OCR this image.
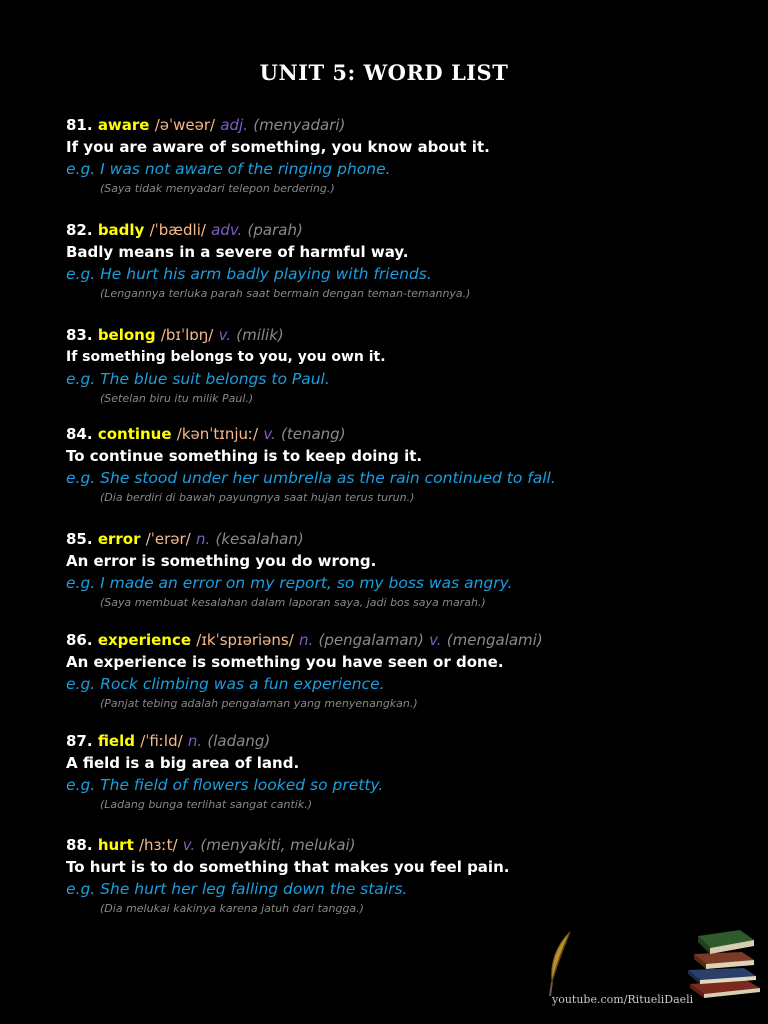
UNIT 5: WORD LIST
81. aware /əˈweər/ adj. (menyadari)
If you are aware of something, you know about it.
e.g. I was not aware of the ringing phone.
(Saya tidak menyadari telepon berdering.)
82. badly /ˈbædli/ adv. (parah)
Badly means in a severe of harmful way.
e.g. He hurt his arm badly playing with friends.
(Lengannya terluka parah saat bermain dengan teman-temannya.)
83. belong /bɪˈlɒŋ/ v. (milik)
If something belongs to you, you own it.
e.g. The blue suit belongs to Paul.
(Setelan biru itu milik Paul.)
84. continue /kənˈtɪnjuː/ v. (tenang)
To continue something is to keep doing it.
e.g. She stood under her umbrella as the rain continued to fall.
(Dia berdiri di bawah payungnya saat hujan terus turun.)
85. error /ˈerər/ n. (kesalahan)
An error is something you do wrong.
e.g. I made an error on my report, so my boss was angry.
(Saya membuat kesalahan dalam laporan saya, jadi bos saya marah.)
86. experience /ɪkˈspɪəriəns/ n. (pengalaman) v. (mengalami)
An experience is something you have seen or done.
e.g. Rock climbing was a fun experience.
(Panjat tebing adalah pengalaman yang menyenangkan.)
87. field /ˈfiːld/ n. (ladang)
A field is a big area of land.
e.g. The field of flowers looked so pretty.
(Ladang bunga terlihat sangat cantik.)
88. hurt /hɜːt/ v. (menyakiti, melukai)
To hurt is to do something that makes you feel pain.
e.g. She hurt her leg falling down the stairs.
(Dia melukai kakinya karena jatuh dari tangga.)
youtube.com/RitueliDaeli
